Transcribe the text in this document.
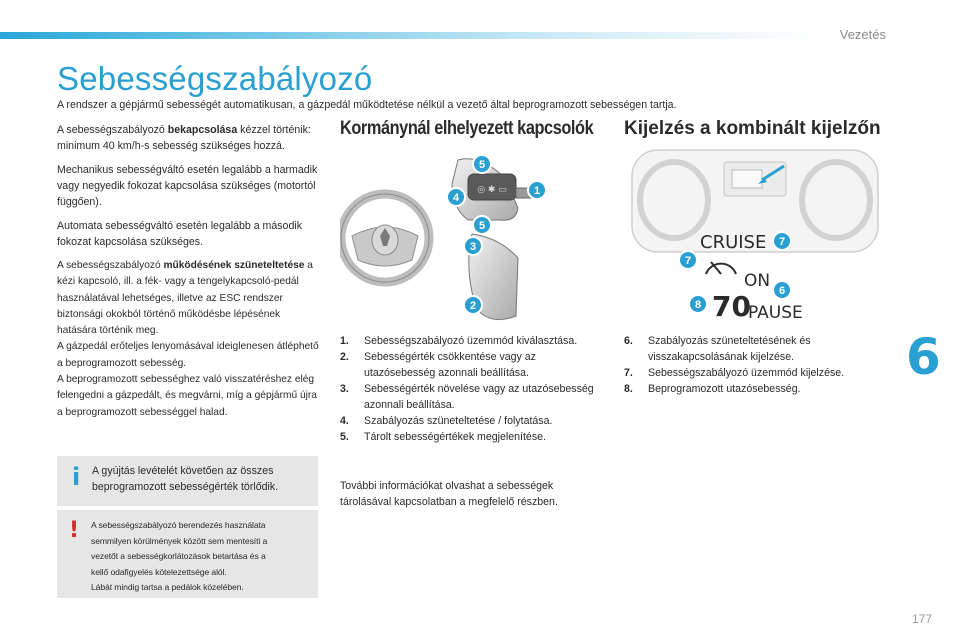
Vezetés
Sebességszabályozó
A rendszer a gépjármű sebességét automatikusan, a gázpedál működtetése nélkül a vezető által beprogramozott sebességen tartja.

A sebességszabályozó bekapcsolása kézzel történik: minimum 40 km/h-s sebesség szükséges hozzá.

Mechanikus sebességváltó esetén legalább a harmadik vagy negyedik fokozat kapcsolása szükséges (motortól függően).

Automata sebességváltó esetén legalább a második fokozat kapcsolása szükséges.

A sebességszabályozó működésének szüneteltetése a kézi kapcsoló, ill. a fék- vagy a tengelykapcsoló-pedál használatával lehetséges, illetve az ESC rendszer biztonsági okokból történő működésbe lépésének hatására történik meg.
A gázpedál erőteljes lenyomásával ideiglenesen átléphető a beprogramozott sebesség.
A beprogramozott sebességhez való visszatéréshez elég felengedni a gázpedált, és megvárni, míg a gépjármű újra a beprogramozott sebességgel halad.
i A gyújtás levételét követően az összes beprogramozott sebességérték törlődik.
! A sebességszabályozó berendezés használata
semmilyen körülmények között sem mentesíti a
vezetőt a sebességkorlátozások betartása és a
kellő odafigyelés kötelezettsége alól.
Lábát mindig tartsa a pedálok közelében.
Kormánynál elhelyezett kapcsolók
◎ ✱ ▭
5
4
1
5
3
2
1.	Sebességszabályozó üzemmód kiválasztása.
2.	Sebességérték csökkentése vagy az utazósebesség azonnali beállítása.
3.	Sebességérték növelése vagy az utazósebesség azonnali beállítása.
4.	Szabályozás szüneteltetése / folytatása.
5.	Tárolt sebességértékek megjelenítése.
További információkat olvashat a sebességek tárolásával kapcsolatban a megfelelő részben.
Kijelzés a kombinált kijelzőn
CRUISE 7
7
ON
8 70	6
PAUSE
6.	Szabályozás szüneteltetésének és visszakapcsolásának kijelzése.
7.	Sebességszabályozó üzemmód kijelzése.
8.	Beprogramozott utazósebesség.
6
177
